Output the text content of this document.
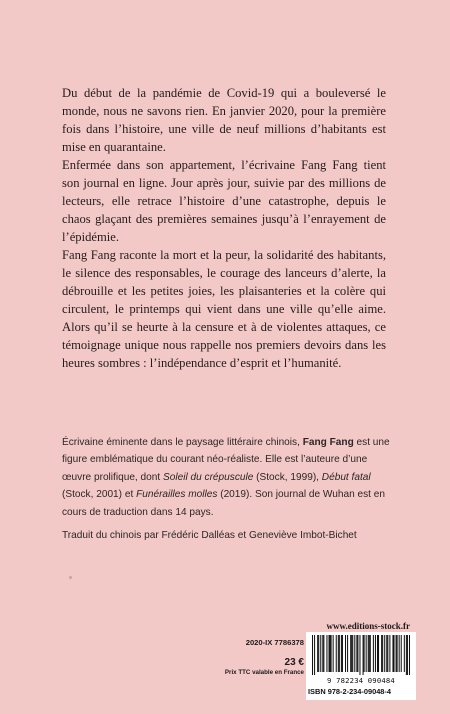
Du début de la pandémie de Covid-19 qui a bouleversé le monde, nous ne savons rien. En janvier 2020, pour la première fois dans l’histoire, une ville de neuf millions d’habitants est mise en quarantaine.

Enfermée dans son appartement, l’écrivaine Fang Fang tient son journal en ligne. Jour après jour, suivie par des millions de lecteurs, elle retrace l’histoire d’une catastrophe, depuis le chaos glaçant des premières semaines jusqu’à l’enrayement de l’épidémie.

Fang Fang raconte la mort et la peur, la solidarité des habitants, le silence des responsables, le courage des lanceurs d’alerte, la débrouille et les petites joies, les plaisanteries et la colère qui circulent, le printemps qui vient dans une ville qu’elle aime. Alors qu’il se heurte à la censure et à de violentes attaques, ce témoignage unique nous rappelle nos premiers devoirs dans les heures sombres : l’indépendance d’esprit et l’humanité.

Écrivaine éminente dans le paysage littéraire chinois, Fang Fang est une figure emblématique du courant néo-réaliste. Elle est l’auteure d’une œuvre prolifique, dont Soleil du crépuscule (Stock, 1999), Début fatal (Stock, 2001) et Funérailles molles (2019). Son journal de Wuhan est en cours de traduction dans 14 pays.

Traduit du chinois par Frédéric Dalléas et Geneviève Imbot-Bichet
www.editions-stock.fr
2020-IX 7786378
23 €
Prix TTC valable en France
9 782234 090484
ISBN 978-2-234-09048-4
